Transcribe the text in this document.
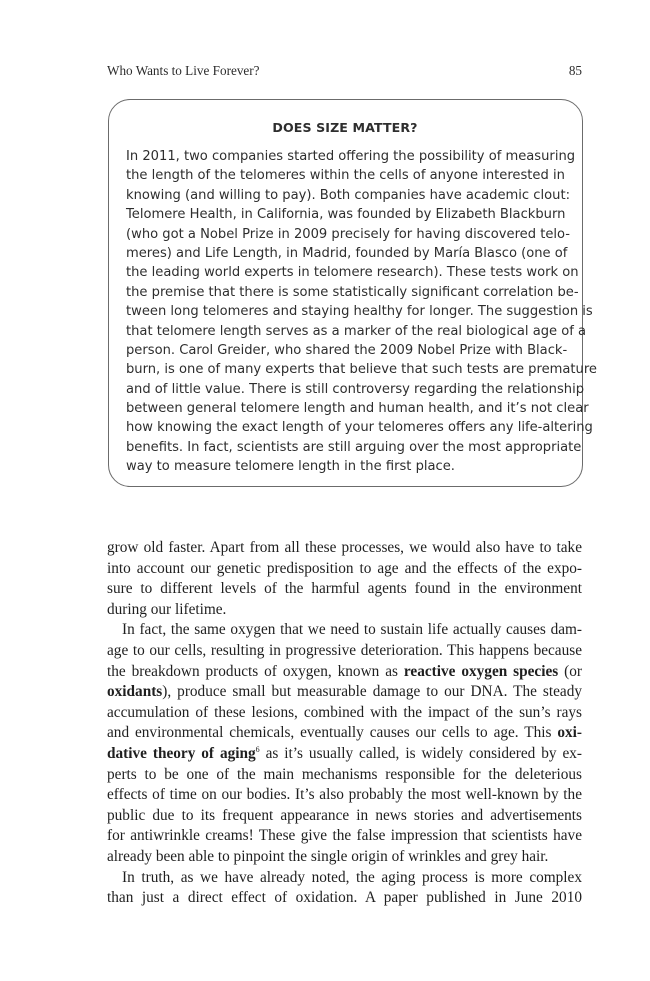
Who Wants to Live Forever?	85
DOES SIZE MATTER?
In 2011, two companies started offering the possibility of measuring
the length of the telomeres within the cells of anyone interested in
knowing (and willing to pay). Both companies have academic clout:
Telomere Health, in California, was founded by Elizabeth Blackburn
(who got a Nobel Prize in 2009 precisely for having discovered telo-
meres) and Life Length, in Madrid, founded by María Blasco (one of
the leading world experts in telomere research). These tests work on
the premise that there is some statistically significant correlation be-
tween long telomeres and staying healthy for longer. The suggestion is
that telomere length serves as a marker of the real biological age of a
person. Carol Greider, who shared the 2009 Nobel Prize with Black-
burn, is one of many experts that believe that such tests are premature
and of little value. There is still controversy regarding the relationship
between general telomere length and human health, and it’s not clear
how knowing the exact length of your telomeres offers any life-altering
benefits. In fact, scientists are still arguing over the most appropriate
way to measure telomere length in the first place.
grow old faster. Apart from all these processes, we would also have to take
into account our genetic predisposition to age and the effects of the expo-
sure to different levels of the harmful agents found in the environment
during our lifetime.
In fact, the same oxygen that we need to sustain life actually causes dam-
age to our cells, resulting in progressive deterioration. This happens because
the breakdown products of oxygen, known as reactive oxygen species (or
oxidants), produce small but measurable damage to our DNA. The steady
accumulation of these lesions, combined with the impact of the sun’s rays
and environmental chemicals, eventually causes our cells to age. This oxi-
dative theory of aging$^6$ as it’s usually called, is widely considered by ex-
perts to be one of the main mechanisms responsible for the deleterious
effects of time on our bodies. It’s also probably the most well-known by the
public due to its frequent appearance in news stories and advertisements
for antiwrinkle creams! These give the false impression that scientists have
already been able to pinpoint the single origin of wrinkles and grey hair.
In truth, as we have already noted, the aging process is more complex
than just a direct effect of oxidation. A paper published in June 2010
